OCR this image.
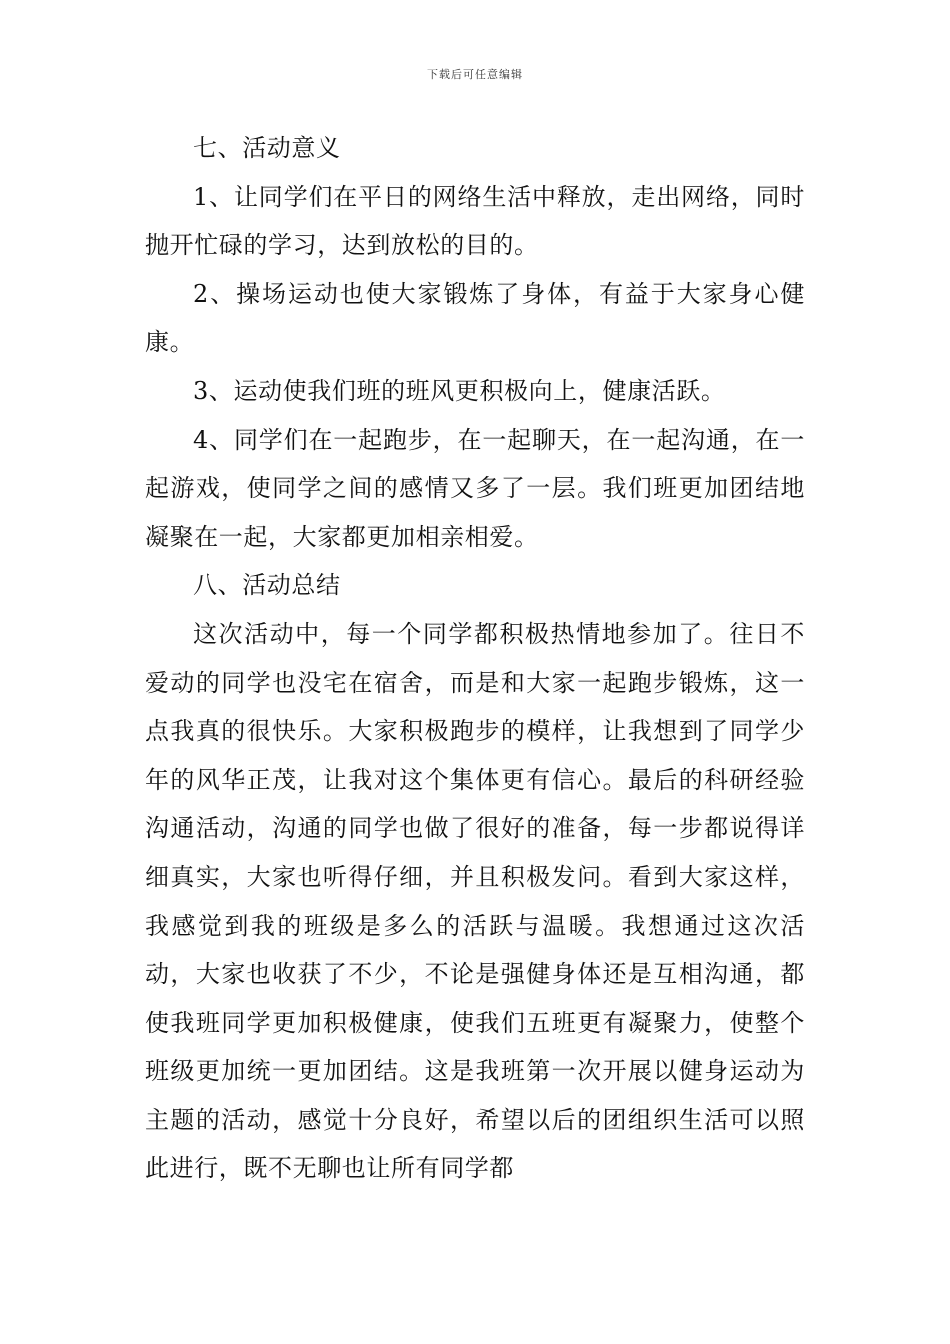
下载后可任意编辑

七、活动意义

1、让同学们在平日的网络生活中释放，走出网络，同时抛开忙碌的学习，达到放松的目的。

2、操场运动也使大家锻炼了身体，有益于大家身心健康。

3、运动使我们班的班风更积极向上，健康活跃。

4、同学们在一起跑步，在一起聊天，在一起沟通，在一起游戏，使同学之间的感情又多了一层。我们班更加团结地凝聚在一起，大家都更加相亲相爱。

八、活动总结

这次活动中，每一个同学都积极热情地参加了。往日不爱动的同学也没宅在宿舍，而是和大家一起跑步锻炼，这一点我真的很快乐。大家积极跑步的模样，让我想到了同学少年的风华正茂，让我对这个集体更有信心。最后的科研经验沟通活动，沟通的同学也做了很好的准备，每一步都说得详细真实，大家也听得仔细，并且积极发问。看到大家这样，我感觉到我的班级是多么的活跃与温暖。我想通过这次活动，大家也收获了不少，不论是强健身体还是互相沟通，都使我班同学更加积极健康，使我们五班更有凝聚力，使整个班级更加统一更加团结。这是我班第一次开展以健身运动为主题的活动，感觉十分良好，希望以后的团组织生活可以照此进行，既不无聊也让所有同学都
